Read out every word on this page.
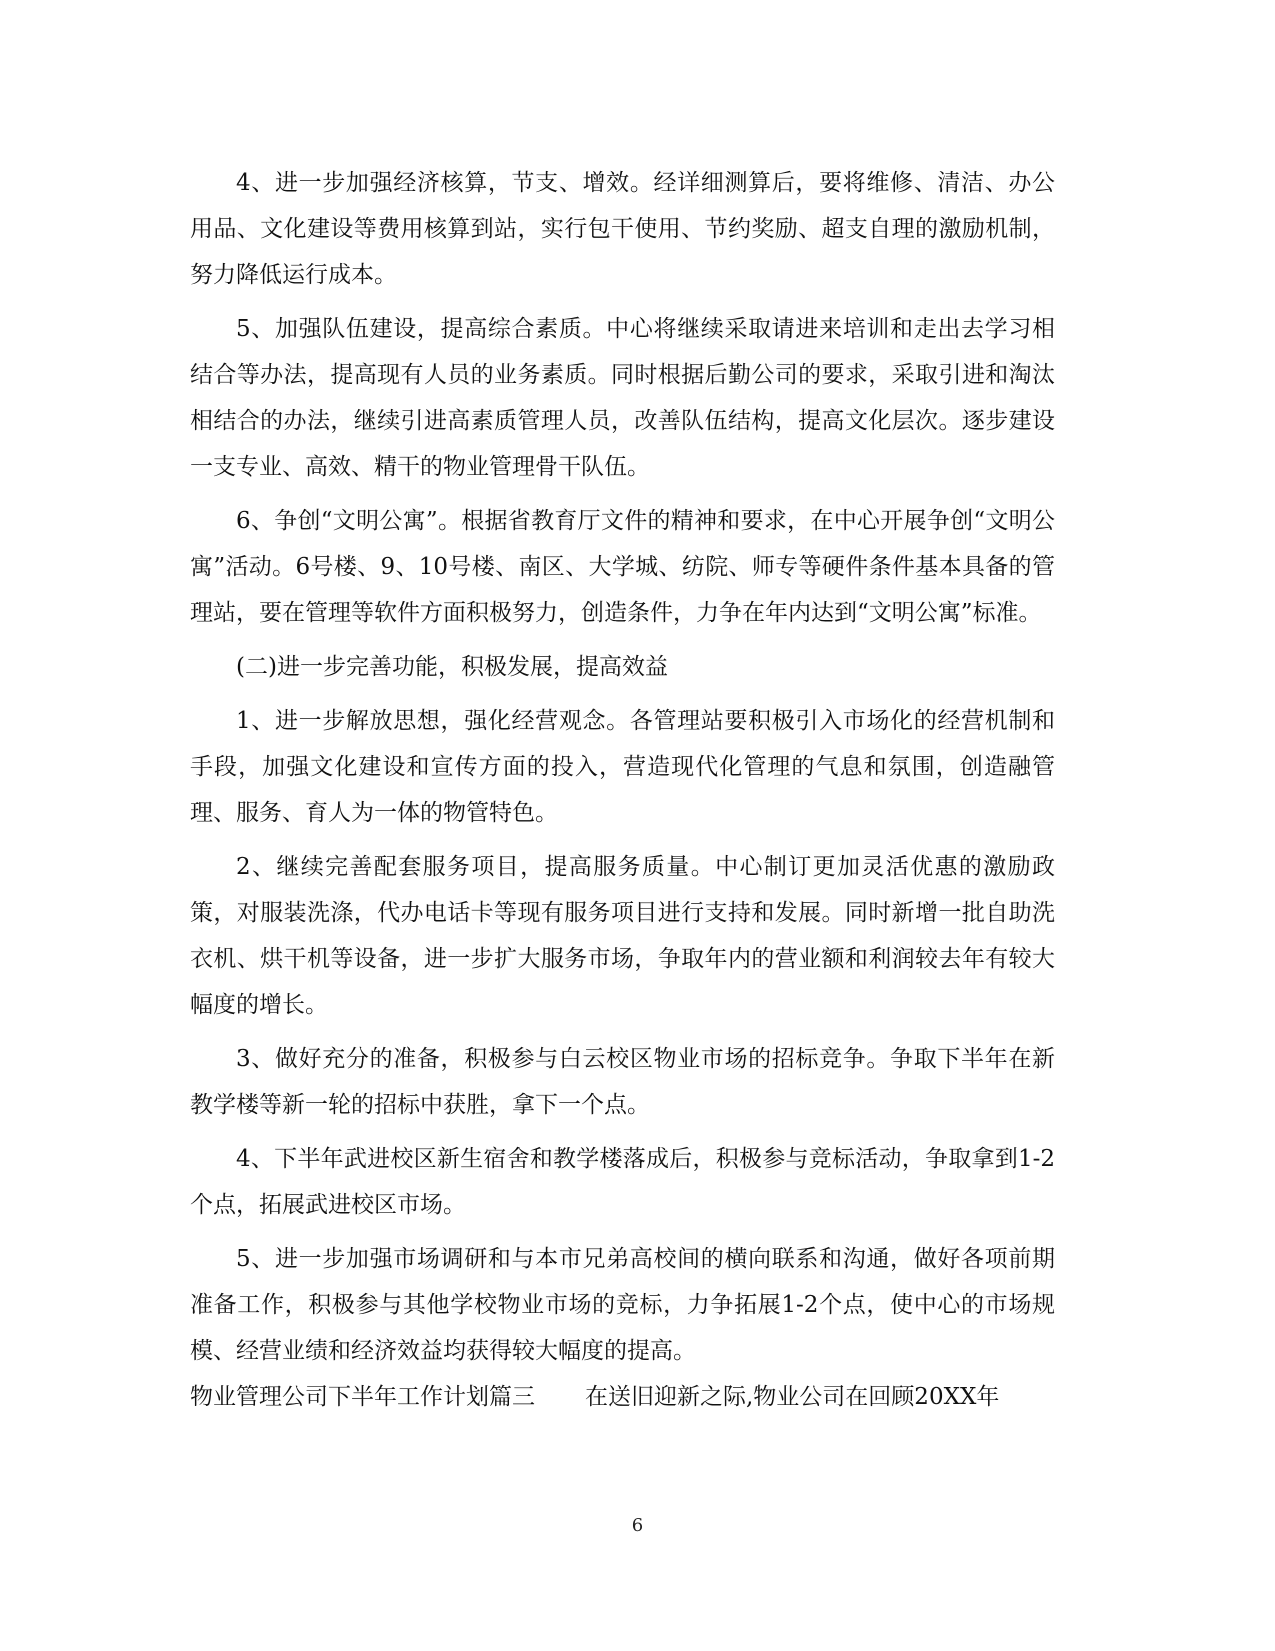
4、进一步加强经济核算，节支、增效。经详细测算后，要将维修、清洁、办公用品、文化建设等费用核算到站，实行包干使用、节约奖励、超支自理的激励机制，努力降低运行成本。

5、加强队伍建设，提高综合素质。中心将继续采取请进来培训和走出去学习相结合等办法，提高现有人员的业务素质。同时根据后勤公司的要求，采取引进和淘汰 相结合的办法，继续引进高素质管理人员，改善队伍结构，提高文化层次。逐步建设一支专业、高效、精干的物业管理骨干队伍。

6、争创“文明公寓”。根据省教育厅文件的精神和要求，在中心开展争创“文明公寓”活动。6号楼、9、10号楼、南区、大学城、纺院、师专等硬件条件基本具备的管理站，要在管理等软件方面积极努力，创造条件，力争在年内达到“文明公寓”标准。

(二)进一步完善功能，积极发展，提高效益

1、进一步解放思想，强化经营观念。各管理站要积极引入市场化的经营机制和手段，加强文化建设和宣传方面的投入，营造现代化管理的气息和氛围，创造融管理、服务、育人为一体的物管特色。

2、继续完善配套服务项目，提高服务质量。中心制订更加灵活优惠的激励政策，对服装洗涤，代办电话卡等现有服务项目进行支持和发展。同时新增一批自助洗衣机、烘干机等设备，进一步扩大服务市场，争取年内的营业额和利润较去年有较大幅度的增长。

3、做好充分的准备，积极参与白云校区物业市场的招标竞争。争取下半年在新教学楼等新一轮的招标中获胜，拿下一个点。

4、下半年武进校区新生宿舍和教学楼落成后，积极参与竞标活动，争取拿到1-2个点，拓展武进校区市场。

5、进一步加强市场调研和与本市兄弟高校间的横向联系和沟通，做好各项前期准备工作，积极参与其他学校物业市场的竞标，力争拓展1-2个点，使中心的市场规模、经营业绩和经济效益均获得较大幅度的提高。

物业管理公司下半年工作计划篇三 在送旧迎新之际,物业公司在回顾20XX年

6
